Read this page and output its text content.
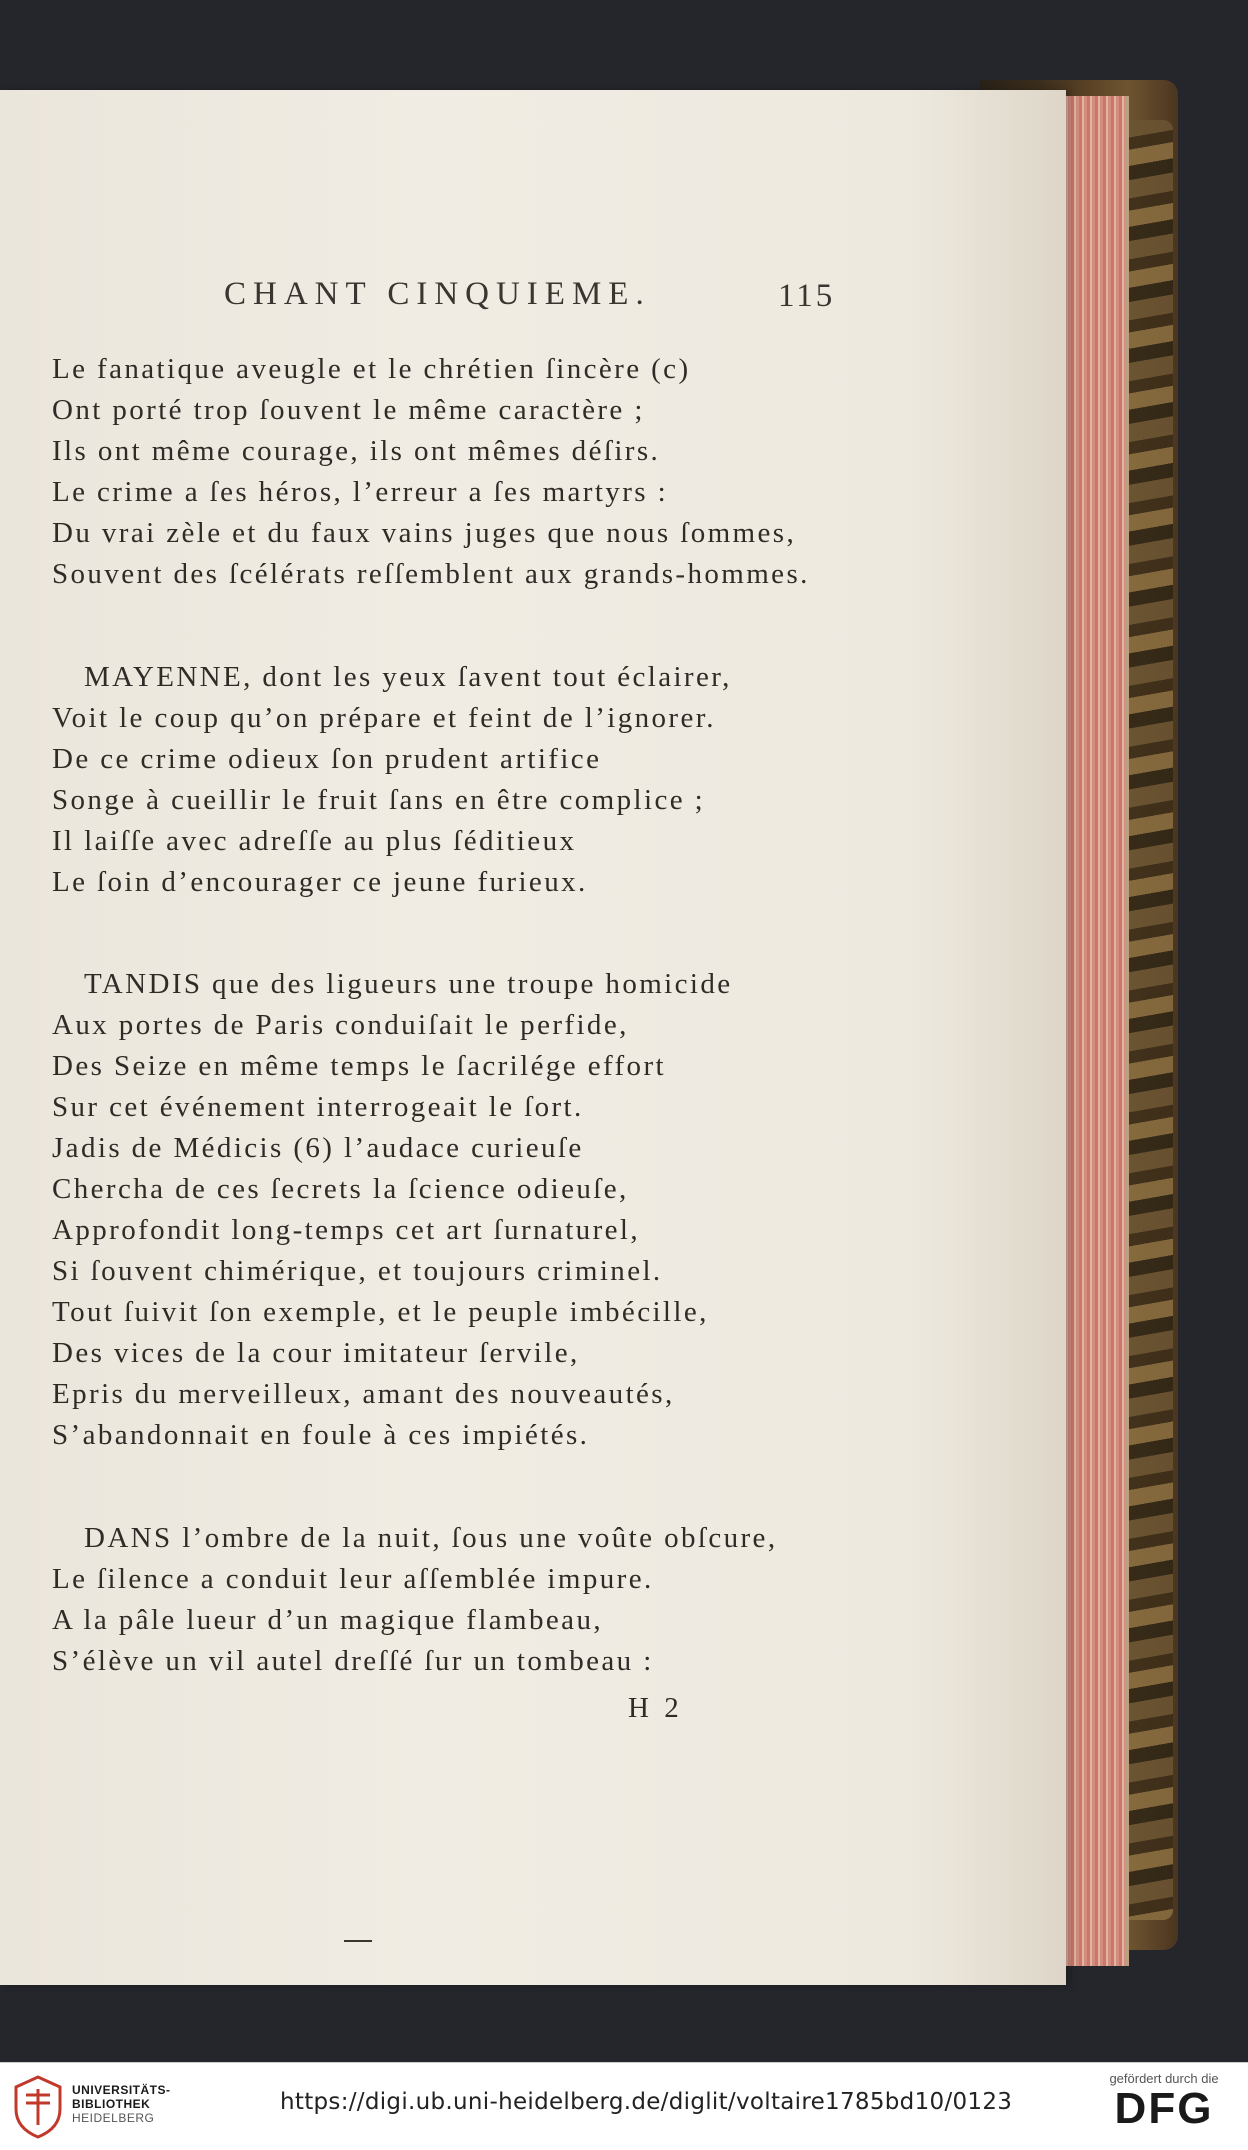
CHANT CINQUIEME.	115
Le fanatique aveugle et le chrétien ſincère (c)
Ont porté trop ſouvent le même caractère ;
Ils ont même courage, ils ont mêmes déſirs.
Le crime a ſes héros, l’erreur a ſes martyrs :
Du vrai zèle et du faux vains juges que nous ſommes,
Souvent des ſcélérats reſſemblent aux grands-hommes.
MAYENNE, dont les yeux ſavent tout éclairer,
Voit le coup qu’on prépare et feint de l’ignorer.
De ce crime odieux ſon prudent artifice
Songe à cueillir le fruit ſans en être complice ;
Il laiſſe avec adreſſe au plus ſéditieux
Le ſoin d’encourager ce jeune furieux.
TANDIS que des ligueurs une troupe homicide
Aux portes de Paris conduiſait le perfide,
Des Seize en même temps le ſacrilége effort
Sur cet événement interrogeait le ſort.
Jadis de Médicis (6) l’audace curieuſe
Chercha de ces ſecrets la ſcience odieuſe,
Approfondit long-temps cet art ſurnaturel,
Si ſouvent chimérique, et toujours criminel.
Tout ſuivit ſon exemple, et le peuple imbécille,
Des vices de la cour imitateur ſervile,
Epris du merveilleux, amant des nouveautés,
S’abandonnait en foule à ces impiétés.
DANS l’ombre de la nuit, ſous une voûte obſcure,
Le ſilence a conduit leur aſſemblée impure.
A la pâle lueur d’un magique flambeau,
S’élève un vil autel dreſſé ſur un tombeau :
H 2
UNIVERSITÄTS-
BIBLIOTHEK
HEIDELBERG
https://digi.ub.uni-heidelberg.de/diglit/voltaire1785bd10/0123
gefördert durch die
DFG
